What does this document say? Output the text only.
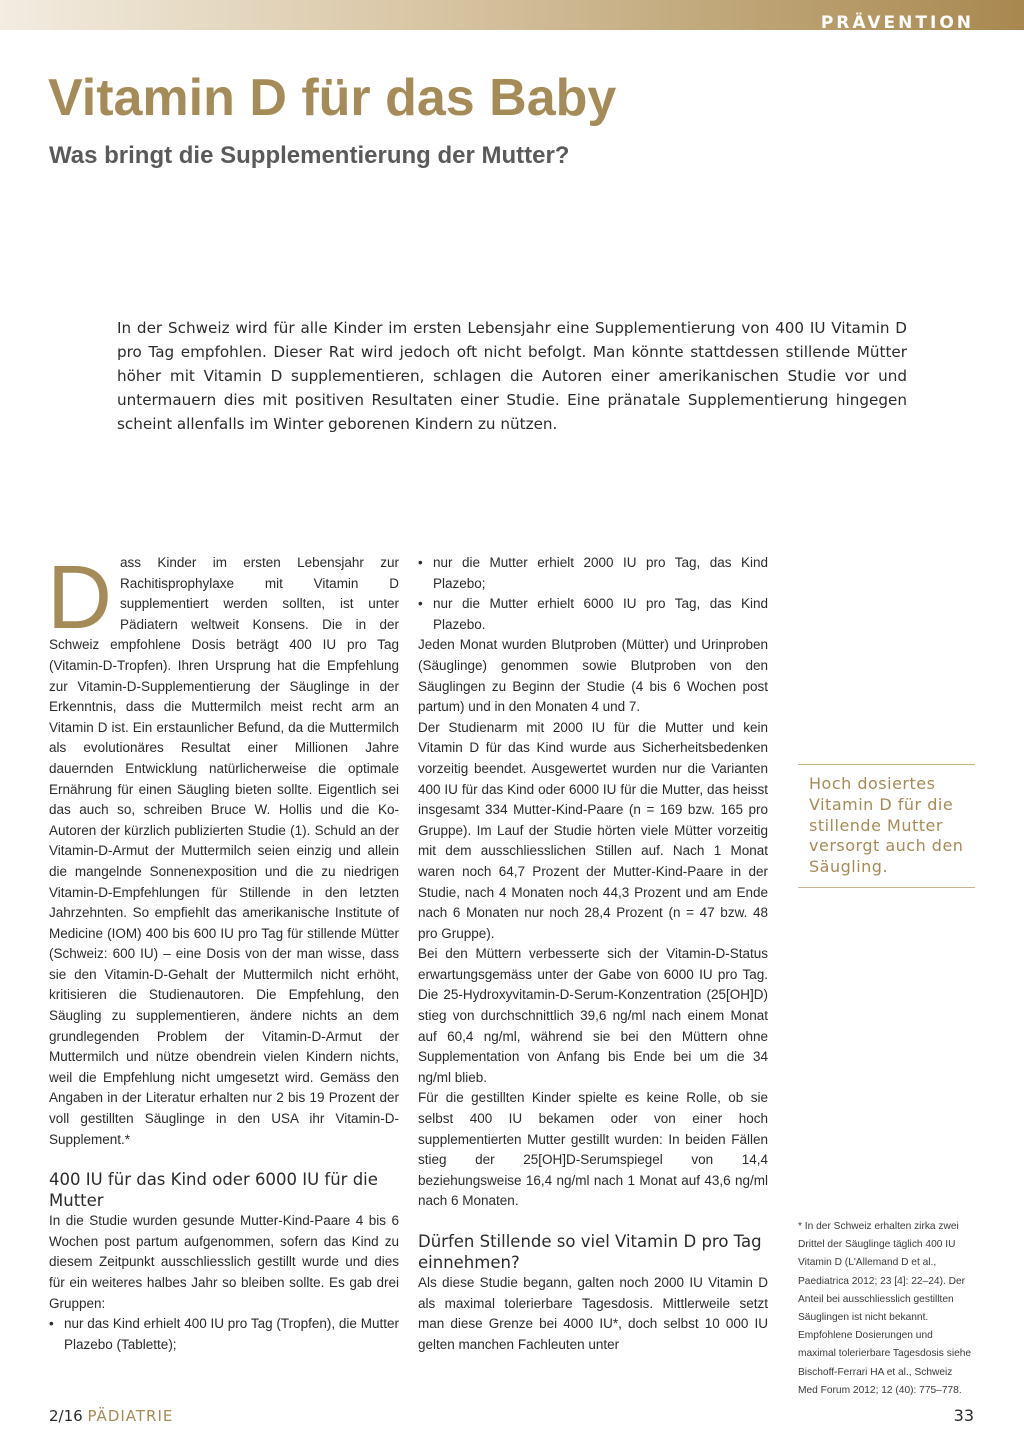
PRÄVENTION
Vitamin D für das Baby
Was bringt die Supplementierung der Mutter?

In der Schweiz wird für alle Kinder im ersten Lebensjahr eine Supplementierung von 400 IU Vitamin D pro Tag empfohlen. Dieser Rat wird jedoch oft nicht befolgt. Man könnte stattdessen stillende Mütter höher mit Vitamin D supplementieren, schlagen die Autoren einer amerikanischen Studie vor und untermauern dies mit positiven Resultaten einer Studie. Eine pränatale Supplementierung hingegen scheint allenfalls im Winter geborenen Kindern zu nützen.

Dass Kinder im ersten Lebensjahr zur Rachitisprophylaxe mit Vitamin D supplementiert werden sollten, ist unter Pädiatern weltweit Konsens. Die in der Schweiz empfohlene Dosis beträgt 400 IU pro Tag (Vitamin-D-Tropfen). Ihren Ursprung hat die Empfehlung zur Vitamin-D-Supplementierung der Säuglinge in der Erkenntnis, dass die Muttermilch meist recht arm an Vitamin D ist. Ein erstaunlicher Befund, da die Muttermilch als evolutionäres Resultat einer Millionen Jahre dauernden Entwicklung natürlicherweise die optimale Ernährung für einen Säugling bieten sollte. Eigentlich sei das auch so, schreiben Bruce W. Hollis und die Ko-Autoren der kürzlich publizierten Studie (1). Schuld an der Vitamin-D-Armut der Muttermilch seien einzig und allein die mangelnde Sonnenexposition und die zu niedrigen Vitamin-D-Empfehlungen für Stillende in den letzten Jahrzehnten. So empfiehlt das amerikanische Institute of Medicine (IOM) 400 bis 600 IU pro Tag für stillende Mütter (Schweiz: 600 IU) – eine Dosis von der man wisse, dass sie den Vitamin-D-Gehalt der Muttermilch nicht erhöht, kritisieren die Studienautoren. Die Empfehlung, den Säugling zu supplementieren, ändere nichts an dem grundlegenden Problem der Vitamin-D-Armut der Muttermilch und nütze obendrein vielen Kindern nichts, weil die Empfehlung nicht umgesetzt wird. Gemäss den Angaben in der Literatur erhalten nur 2 bis 19 Prozent der voll gestillten Säuglinge in den USA ihr Vitamin-D-Supplement.*

400 IU für das Kind oder 6000 IU für die Mutter

In die Studie wurden gesunde Mutter-Kind-Paare 4 bis 6 Wochen post partum aufgenommen, sofern das Kind zu diesem Zeitpunkt ausschliesslich gestillt wurde und dies für ein weiteres halbes Jahr so bleiben sollte. Es gab drei Gruppen:

• nur das Kind erhielt 400 IU pro Tag (Tropfen), die Mutter Plazebo (Tablette);
• nur die Mutter erhielt 2000 IU pro Tag, das Kind Plazebo;
• nur die Mutter erhielt 6000 IU pro Tag, das Kind Plazebo.

Jeden Monat wurden Blutproben (Mütter) und Urinproben (Säuglinge) genommen sowie Blutproben von den Säuglingen zu Beginn der Studie (4 bis 6 Wochen post partum) und in den Monaten 4 und 7.

Der Studienarm mit 2000 IU für die Mutter und kein Vitamin D für das Kind wurde aus Sicherheitsbedenken vorzeitig beendet. Ausgewertet wurden nur die Varianten 400 IU für das Kind oder 6000 IU für die Mutter, das heisst insgesamt 334 Mutter-Kind-Paare (n = 169 bzw. 165 pro Gruppe). Im Lauf der Studie hörten viele Mütter vorzeitig mit dem ausschliesslichen Stillen auf. Nach 1 Monat waren noch 64,7 Prozent der Mutter-Kind-Paare in der Studie, nach 4 Monaten noch 44,3 Prozent und am Ende nach 6 Monaten nur noch 28,4 Prozent (n = 47 bzw. 48 pro Gruppe).

Bei den Müttern verbesserte sich der Vitamin-D-Status erwartungsgemäss unter der Gabe von 6000 IU pro Tag. Die 25-Hydroxyvitamin-D-Serum-Konzentration (25[OH]D) stieg von durchschnittlich 39,6 ng/ml nach einem Monat auf 60,4 ng/ml, während sie bei den Müttern ohne Supplementation von Anfang bis Ende bei um die 34 ng/ml blieb.

Für die gestillten Kinder spielte es keine Rolle, ob sie selbst 400 IU bekamen oder von einer hoch supplementierten Mutter gestillt wurden: In beiden Fällen stieg der 25[OH]D-Serumspiegel von 14,4 beziehungsweise 16,4 ng/ml nach 1 Monat auf 43,6 ng/ml nach 6 Monaten.

Dürfen Stillende so viel Vitamin D pro Tag einnehmen?

Als diese Studie begann, galten noch 2000 IU Vitamin D als maximal tolerierbare Tagesdosis. Mittlerweile setzt man diese Grenze bei 4000 IU*, doch selbst 10 000 IU gelten manchen Fachleuten unter

Hoch dosiertes Vitamin D für die stillende Mutter versorgt auch den Säugling.
* In der Schweiz erhalten zirka zwei Drittel der Säuglinge täglich 400 IU Vitamin D (L'Allemand D et al., Paediatrica 2012; 23 [4]: 22–24). Der Anteil bei ausschliesslich gestillten Säuglingen ist nicht bekannt. Empfohlene Dosierungen und maximal tolerierbare Tagesdosis siehe Bischoff-Ferrari HA et al., Schweiz Med Forum 2012; 12 (40): 775–778.
2/16 PÄDIATRIE	33
